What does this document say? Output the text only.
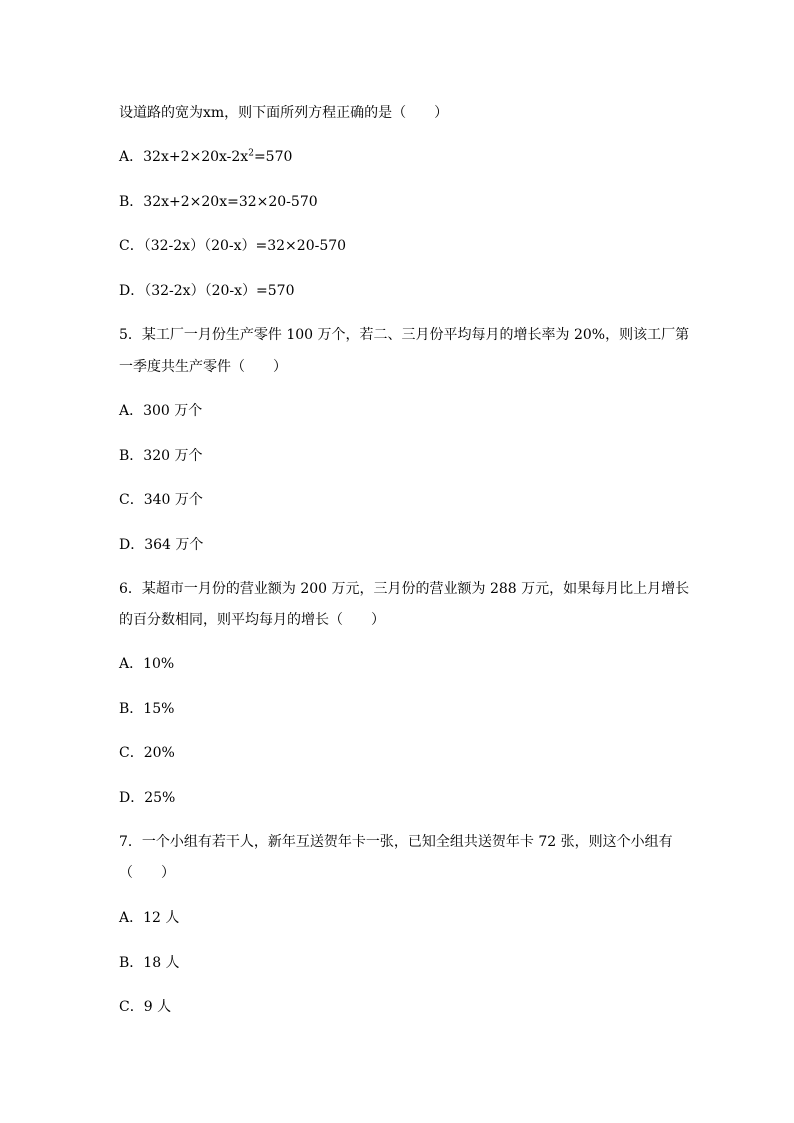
设道路的宽为xm，则下面所列方程正确的是（　　）

A．$32x+2\times 20x-2x^2=570$

B．32x+2×20x=32×20-570

C．（32-2x）（20-x）=32×20-570

D．（32-2x）（20-x）=570

5．某工厂一月份生产零件 100 万个，若二、三月份平均每月的增长率为 20%，则该工厂第

一季度共生产零件（　　）

A．300 万个

B．320 万个

C．340 万个

D．364 万个

6．某超市一月份的营业额为 200 万元，三月份的营业额为 288 万元，如果每月比上月增长

的百分数相同，则平均每月的增长（　　）

A．10%

B．15%

C．20%

D．25%

7．一个小组有若干人，新年互送贺年卡一张，已知全组共送贺年卡 72 张，则这个小组有

（　　）

A．12 人

B．18 人

C．9 人
